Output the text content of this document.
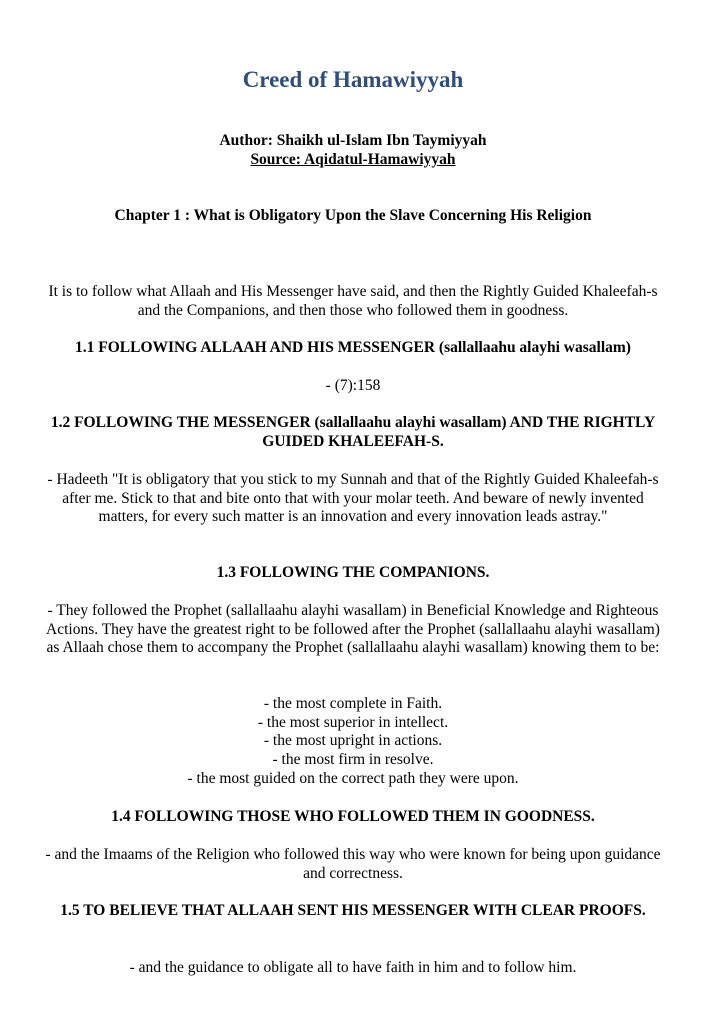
Creed of Hamawiyyah
Author: Shaikh ul-Islam Ibn Taymiyyah
Source: Aqidatul-Hamawiyyah
Chapter 1 : What is Obligatory Upon the Slave Concerning His Religion
It is to follow what Allaah and His Messenger have said, and then the Rightly Guided Khaleefah-s and the Companions, and then those who followed them in goodness.
1.1 FOLLOWING ALLAAH AND HIS MESSENGER (sallallaahu alayhi wasallam)
- (7):158
1.2 FOLLOWING THE MESSENGER (sallallaahu alayhi wasallam) AND THE RIGHTLY GUIDED KHALEEFAH-S.
- Hadeeth "It is obligatory that you stick to my Sunnah and that of the Rightly Guided Khaleefah-s after me. Stick to that and bite onto that with your molar teeth. And beware of newly invented matters, for every such matter is an innovation and every innovation leads astray."
1.3 FOLLOWING THE COMPANIONS.
- They followed the Prophet (sallallaahu alayhi wasallam) in Beneficial Knowledge and Righteous Actions. They have the greatest right to be followed after the Prophet (sallallaahu alayhi wasallam) as Allaah chose them to accompany the Prophet (sallallaahu alayhi wasallam) knowing them to be:
- the most complete in Faith.
- the most superior in intellect.
- the most upright in actions.
- the most firm in resolve.
- the most guided on the correct path they were upon.
1.4 FOLLOWING THOSE WHO FOLLOWED THEM IN GOODNESS.
- and the Imaams of the Religion who followed this way who were known for being upon guidance and correctness.
1.5 TO BELIEVE THAT ALLAAH SENT HIS MESSENGER WITH CLEAR PROOFS.
- and the guidance to obligate all to have faith in him and to follow him.
